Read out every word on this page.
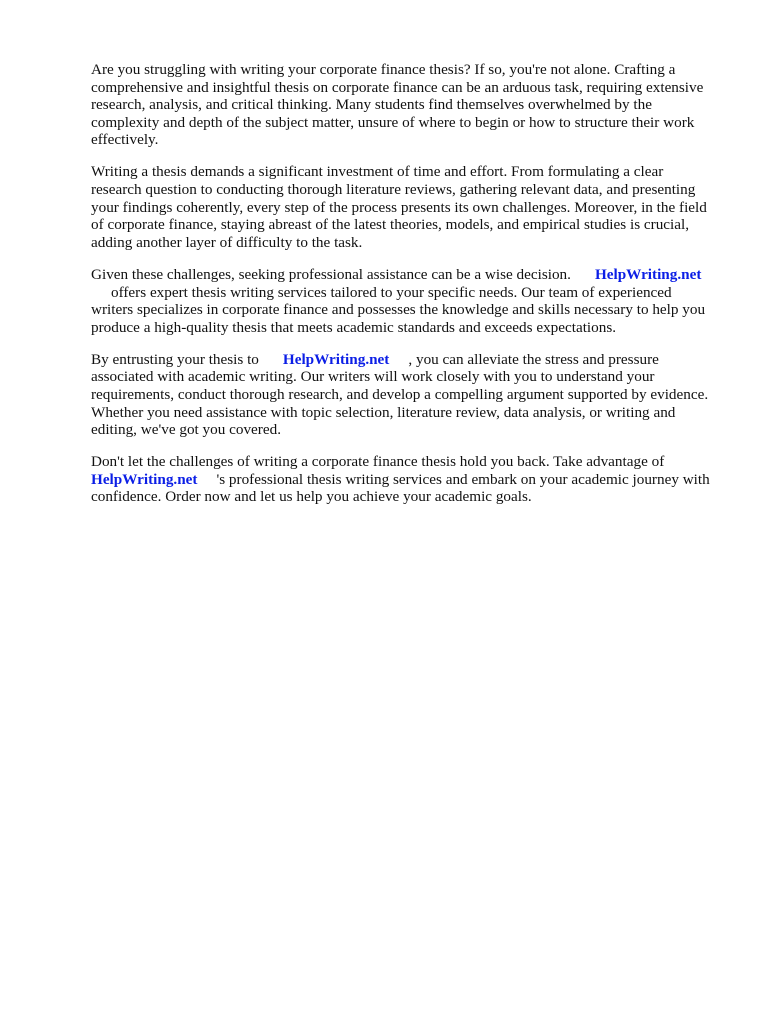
Are you struggling with writing your corporate finance thesis? If so, you're not alone. Crafting a
comprehensive and insightful thesis on corporate finance can be an arduous task, requiring extensive
research, analysis, and critical thinking. Many students find themselves overwhelmed by the
complexity and depth of the subject matter, unsure of where to begin or how to structure their work
effectively.

Writing a thesis demands a significant investment of time and effort. From formulating a clear
research question to conducting thorough literature reviews, gathering relevant data, and presenting
your findings coherently, every step of the process presents its own challenges. Moreover, in the field
of corporate finance, staying abreast of the latest theories, models, and empirical studies is crucial,
adding another layer of difficulty to the task.

Given these challenges, seeking professional assistance can be a wise decision. HelpWriting.net
offers expert thesis writing services tailored to your specific needs. Our team of experienced
writers specializes in corporate finance and possesses the knowledge and skills necessary to help you
produce a high-quality thesis that meets academic standards and exceeds expectations.

By entrusting your thesis to HelpWriting.net , you can alleviate the stress and pressure
associated with academic writing. Our writers will work closely with you to understand your
requirements, conduct thorough research, and develop a compelling argument supported by evidence.
Whether you need assistance with topic selection, literature review, data analysis, or writing and
editing, we've got you covered.

Don't let the challenges of writing a corporate finance thesis hold you back. Take advantage of
HelpWriting.net 's professional thesis writing services and embark on your academic journey with
confidence. Order now and let us help you achieve your academic goals.
